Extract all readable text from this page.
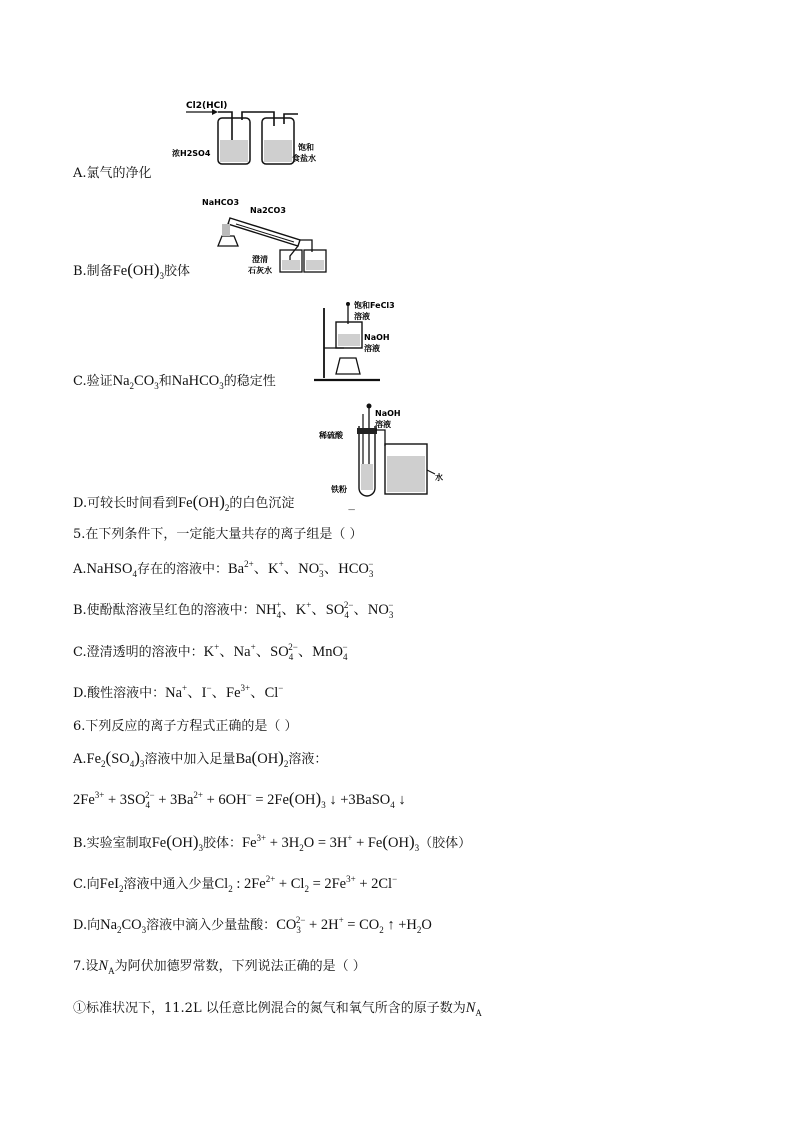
Cl2(HCl)
浓H2SO4
饱和
食盐水
A.氯气的净化
NaHCO3
Na2CO3
澄清
石灰水
B.制备$Fe(OH)_3$胶体
饱和FeCl3
溶液
NaOH
溶液
C.验证$Na_2CO_3$和NaHCO$_3$的稳定性
NaOH
溶液
稀硫酸
铁粉
水
D.可较长时间看到$Fe(OH)_2$的白色沉淀	_
5.在下列条件下，一定能大量共存的离子组是（ ）
A.NaHSO$_4$存在的溶液中：$Ba^{2+}$、K+、$NO_3^-$、$HCO_3^-$
B.使酚酞溶液呈红色的溶液中：$NH_4^+$、K+、$SO_4^{2-}$、$NO_3^-$
C.澄清透明的溶液中：K+、Na+、$SO_4^{2-}$、MnO$_4$−
D.酸性溶液中：Na+、I−、$Fe^{3+}$、Cl−
6.下列反应的离子方程式正确的是（ ）
$A.Fe_2(SO_4)_3$溶液中加入足量$Ba(OH)_2$溶液：
$2Fe^{3+} + 3SO_4^{2-} + 3Ba^{2+} + 6OH^- = 2Fe(OH)_3$ ↓ +3BaSO$_4$ ↓
B.实验室制取$Fe(OH)_3$胶体：$Fe^{3+} + 3H_2O = 3H^+ + Fe(OH)_3$（胶体）
C.向FeI$_2$溶液中通入少量$Cl_2$ : $2Fe^{2+} + Cl_2 = 2Fe^{3+} + 2Cl^-$
D.向$Na_2CO_3$溶液中滴入少量盐酸：$CO_3^{2-} + 2H^+ = CO_2$ ↑ $+H_2O$
7.设$N_A$为阿伏加德罗常数，下列说法正确的是（ ）
①标准状况下，11.2L 以任意比例混合的氮气和氧气所含的原子数为$N_A$
